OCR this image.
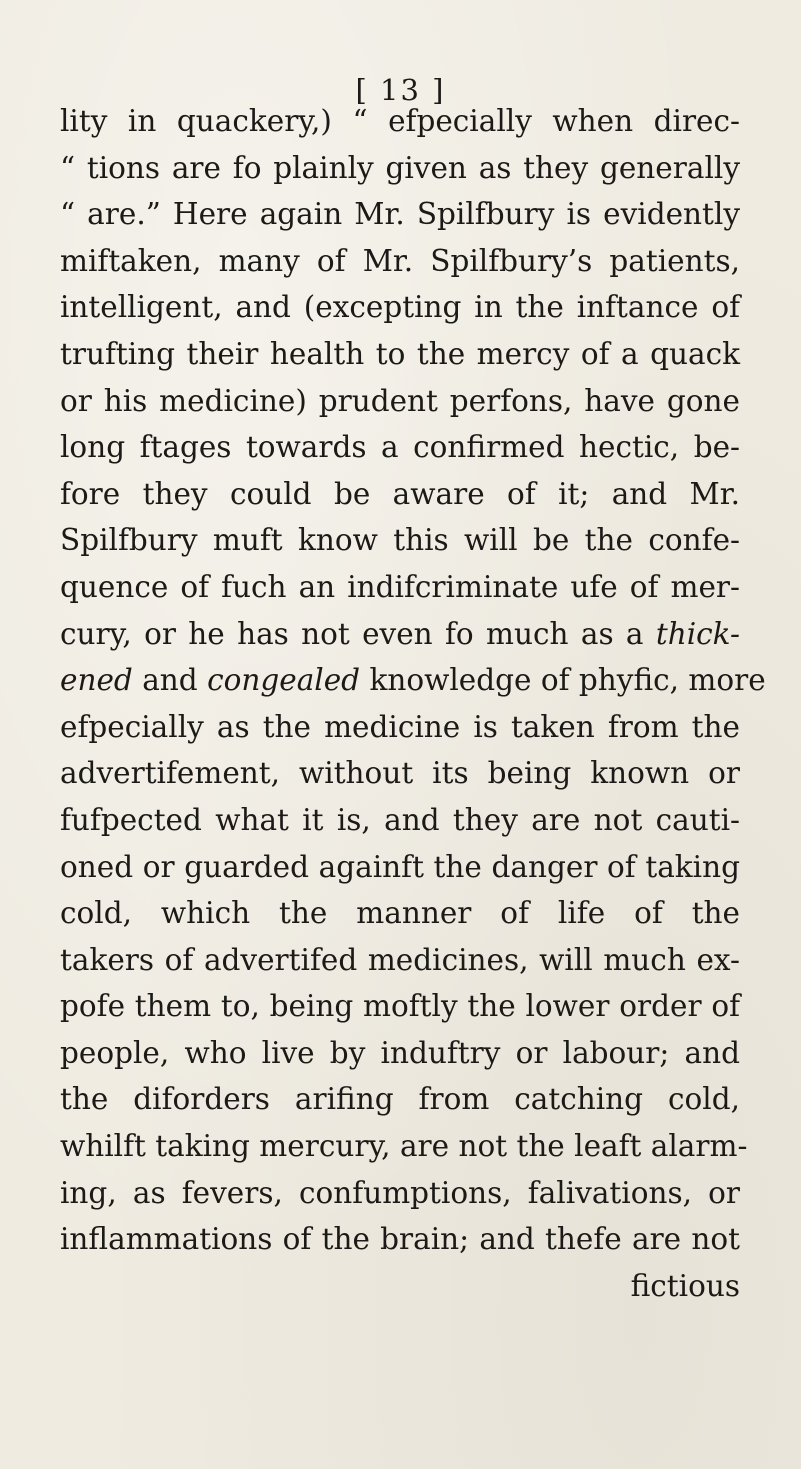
[ 13 ]
lity in quackery,) “ efpecially when direc-
“ tions are fo plainly given as they generally
“ are.” Here again Mr. Spilfbury is evidently
miftaken, many of Mr. Spilfbury’s patients,
intelligent, and (excepting in the inftance of
trufting their health to the mercy of a quack
or his medicine) prudent perfons, have gone
long ftages towards a confirmed hectic, be-
fore they could be aware of it; and Mr.
Spilfbury muft know this will be the confe-
quence of fuch an indifcriminate ufe of mer-
cury, or he has not even fo much as a thick-
ened and congealed knowledge of phyfic, more
efpecially as the medicine is taken from the
advertifement, without its being known or
fufpected what it is, and they are not cauti-
oned or guarded againft the danger of taking
cold, which the manner of life of the
takers of advertifed medicines, will much ex-
pofe them to, being moftly the lower order of
people, who live by induftry or labour; and
the diforders arifing from catching cold,
whilft taking mercury, are not the leaft alarm-
ing, as fevers, confumptions, falivations, or
inflammations of the brain; and thefe are not
fictious
